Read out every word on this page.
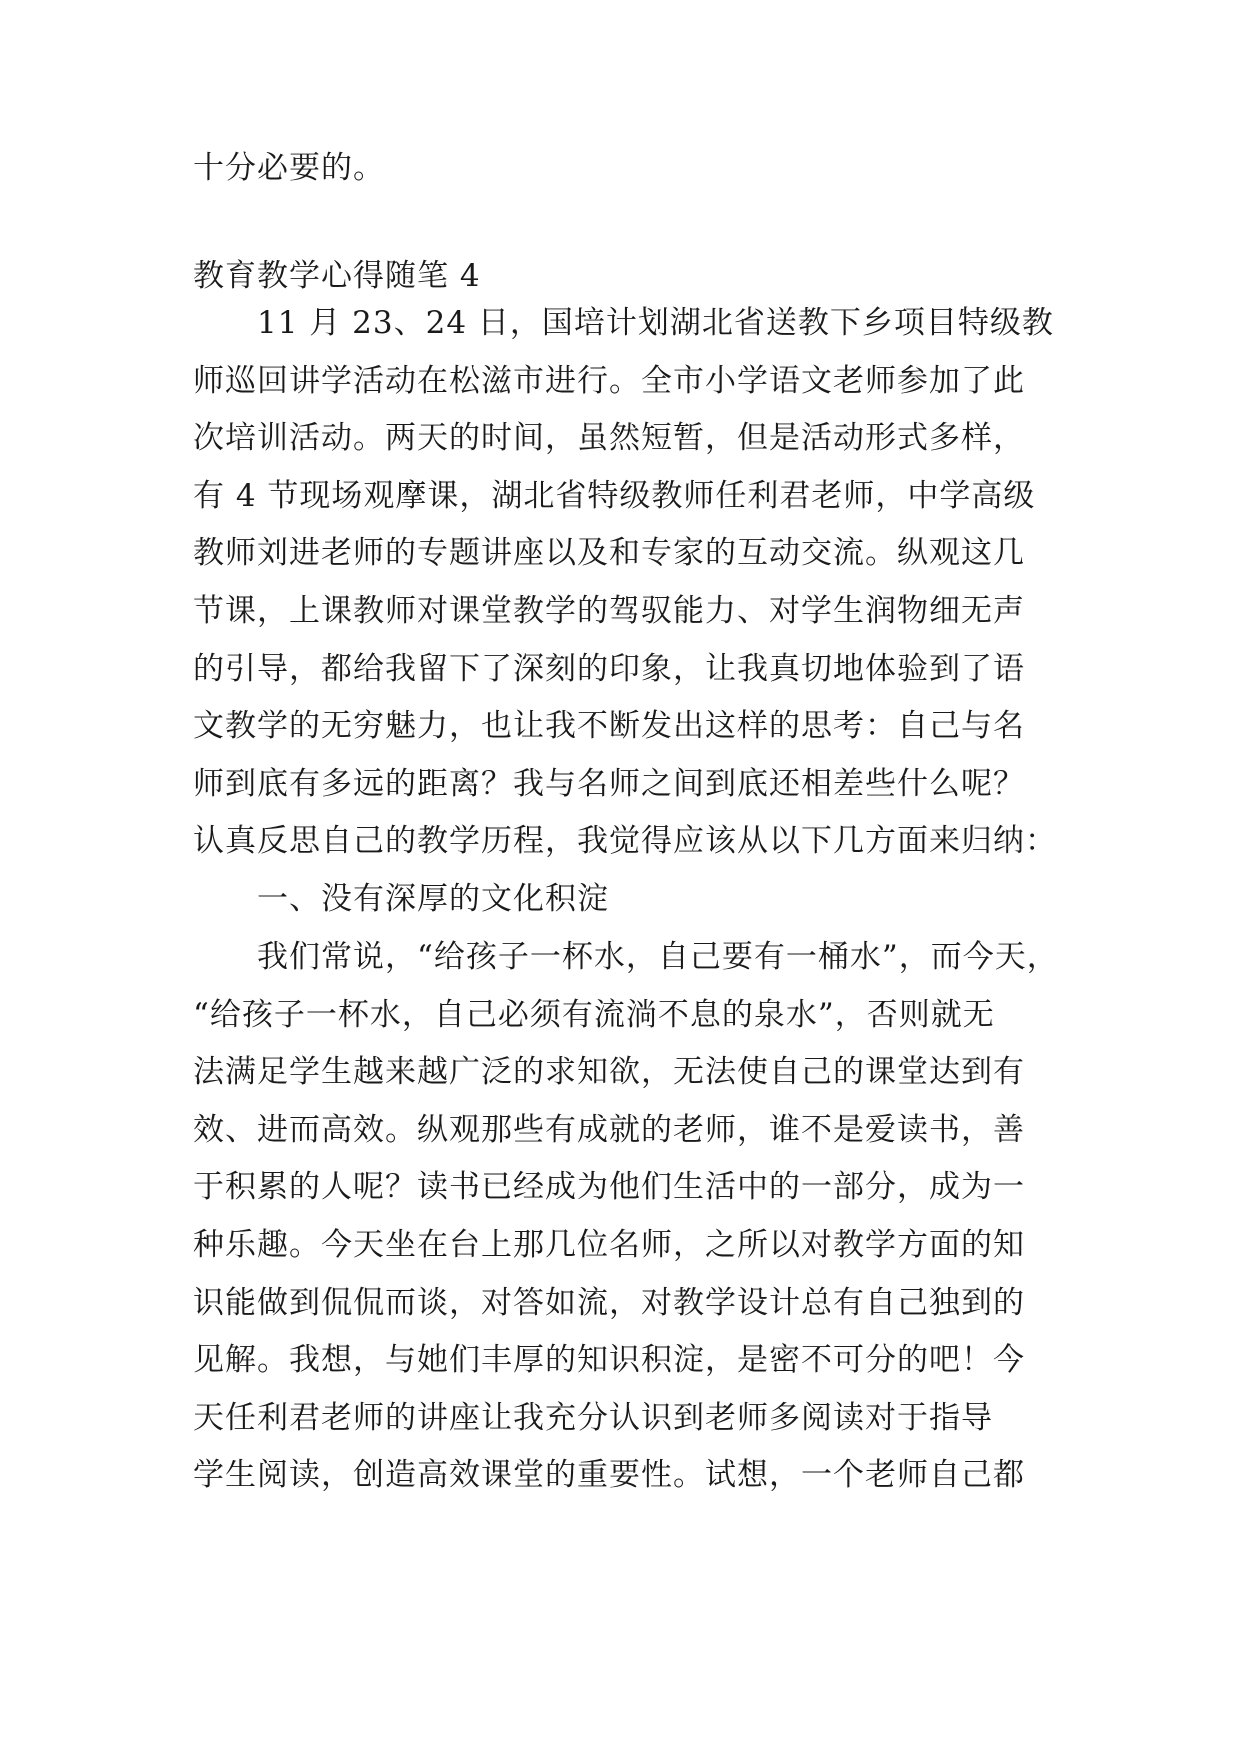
十分必要的。
教育教学心得随笔 4
11 月 23、24 日，国培计划湖北省送教下乡项目特级教
师巡回讲学活动在松滋市进行。全市小学语文老师参加了此
次培训活动。两天的时间，虽然短暂，但是活动形式多样，
有 4 节现场观摩课，湖北省特级教师任利君老师，中学高级
教师刘进老师的专题讲座以及和专家的互动交流。纵观这几
节课，上课教师对课堂教学的驾驭能力、对学生润物细无声
的引导，都给我留下了深刻的印象，让我真切地体验到了语
文教学的无穷魅力，也让我不断发出这样的思考：自己与名
师到底有多远的距离？我与名师之间到底还相差些什么呢？
认真反思自己的教学历程，我觉得应该从以下几方面来归纳：
一、没有深厚的文化积淀
我们常说，“给孩子一杯水，自己要有一桶水”，而今天，
“给孩子一杯水，自己必须有流淌不息的泉水”，否则就无
法满足学生越来越广泛的求知欲，无法使自己的课堂达到有
效、进而高效。纵观那些有成就的老师，谁不是爱读书，善
于积累的人呢？读书已经成为他们生活中的一部分，成为一
种乐趣。今天坐在台上那几位名师，之所以对教学方面的知
识能做到侃侃而谈，对答如流，对教学设计总有自己独到的
见解。我想，与她们丰厚的知识积淀，是密不可分的吧！今
天任利君老师的讲座让我充分认识到老师多阅读对于指导
学生阅读，创造高效课堂的重要性。试想，一个老师自己都
